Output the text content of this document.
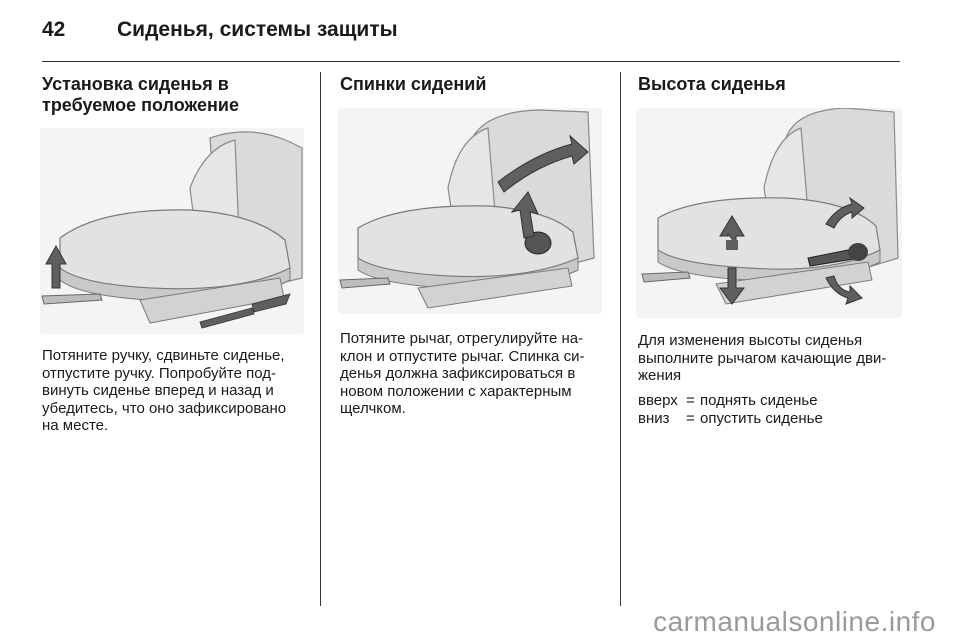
42	Сиденья, системы защиты
Установка сиденья в
требуемое положение

Потяните ручку, сдвиньте сиденье,
отпустите ручку. Попробуйте под-
винуть сиденье вперед и назад и
убедитесь, что оно зафиксировано
на месте.

Спинки сидений

Потяните рычаг, отрегулируйте на-
клон и отпустите рычаг. Спинка си-
денья должна зафиксироваться в
новом положении с характерным
щелчком.

Высота сиденья

Для изменения высоты сиденья
выполните рычагом качающие дви-
жения

вверх = поднять сиденье
вниз	= опустить сиденье
carmanualsonline.info
